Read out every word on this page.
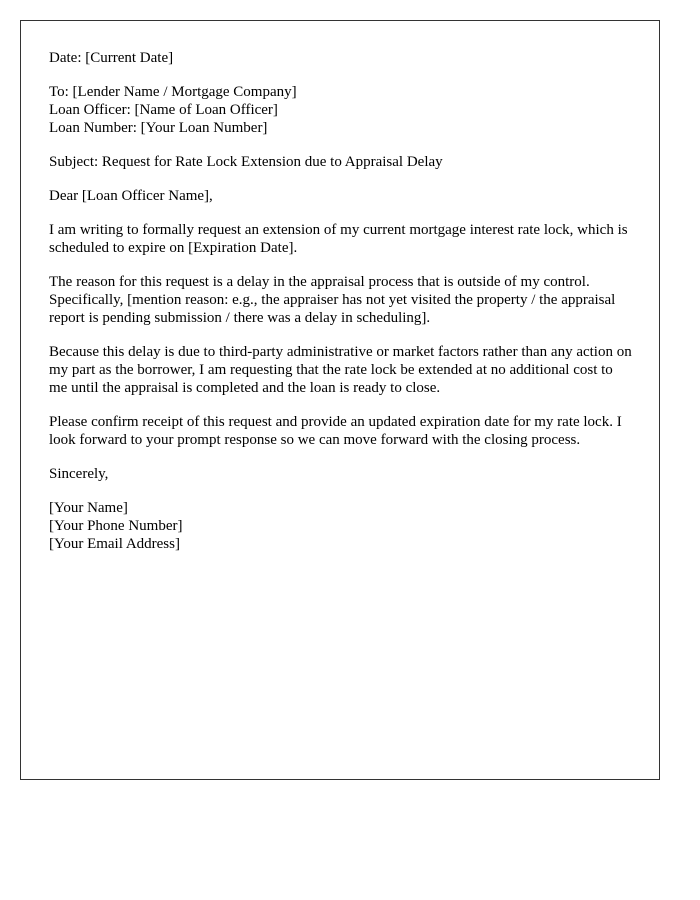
Date: [Current Date]

To: [Lender Name / Mortgage Company]
Loan Officer: [Name of Loan Officer]
Loan Number: [Your Loan Number]

Subject: Request for Rate Lock Extension due to Appraisal Delay

Dear [Loan Officer Name],

I am writing to formally request an extension of my current mortgage interest rate lock, which is scheduled to expire on [Expiration Date].

The reason for this request is a delay in the appraisal process that is outside of my control. Specifically, [mention reason: e.g., the appraiser has not yet visited the property / the appraisal report is pending submission / there was a delay in scheduling].

Because this delay is due to third-party administrative or market factors rather than any action on my part as the borrower, I am requesting that the rate lock be extended at no additional cost to me until the appraisal is completed and the loan is ready to close.

Please confirm receipt of this request and provide an updated expiration date for my rate lock. I look forward to your prompt response so we can move forward with the closing process.

Sincerely,

[Your Name]
[Your Phone Number]
[Your Email Address]
